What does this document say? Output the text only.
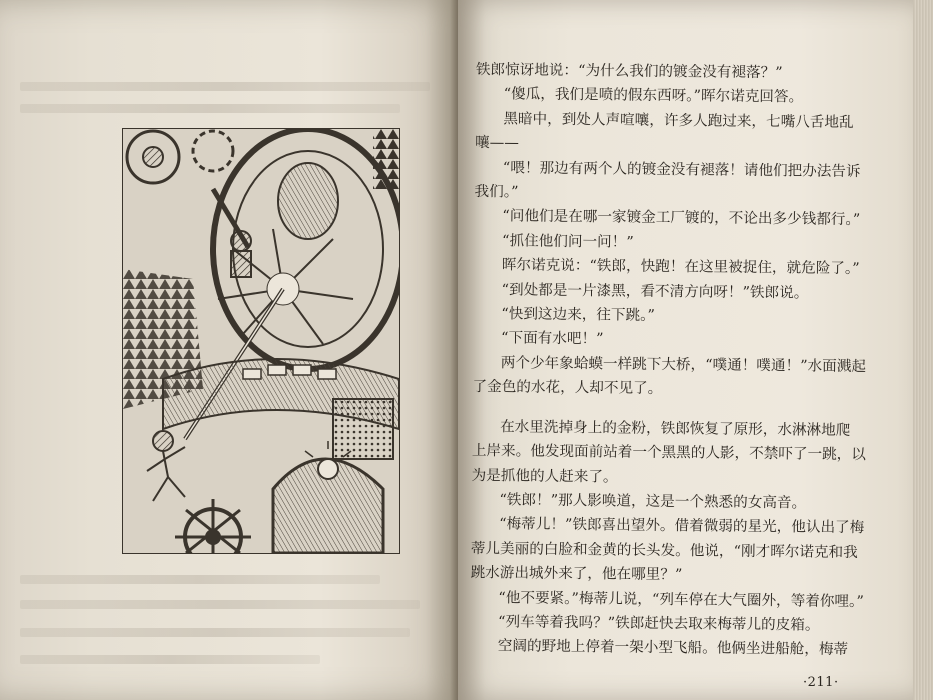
铁郎惊讶地说：“为什么我们的镀金没有褪落？”

“傻瓜，我们是喷的假东西呀。”晖尔诺克回答。

黑暗中，到处人声喧嚷，许多人跑过来，七嘴八舌地乱

嚷——

“喂！那边有两个人的镀金没有褪落！请他们把办法告诉

我们。”

“问他们是在哪一家镀金工厂镀的，不论出多少钱都行。”

“抓住他们问一问！”

晖尔诺克说：“铁郎，快跑！在这里被捉住，就危险了。”

“到处都是一片漆黑，看不清方向呀！”铁郎说。

“快到这边来，往下跳。”

“下面有水吧！”

两个少年象蛤蟆一样跳下大桥，“噗通！噗通！”水面溅起

了金色的水花，人却不见了。

在水里洗掉身上的金粉，铁郎恢复了原形，水淋淋地爬

上岸来。他发现面前站着一个黑黑的人影，不禁吓了一跳，以

为是抓他的人赶来了。

“铁郎！”那人影唤道，这是一个熟悉的女高音。

“梅蒂儿！”铁郎喜出望外。借着微弱的星光，他认出了梅

蒂儿美丽的白脸和金黄的长头发。他说，“刚才晖尔诺克和我

跳水游出城外来了，他在哪里？”

“他不要紧。”梅蒂儿说，“列车停在大气圈外，等着你哩。”

“列车等着我吗？”铁郎赶快去取来梅蒂儿的皮箱。

空阔的野地上停着一架小型飞船。他俩坐进船舱，梅蒂

·211·
